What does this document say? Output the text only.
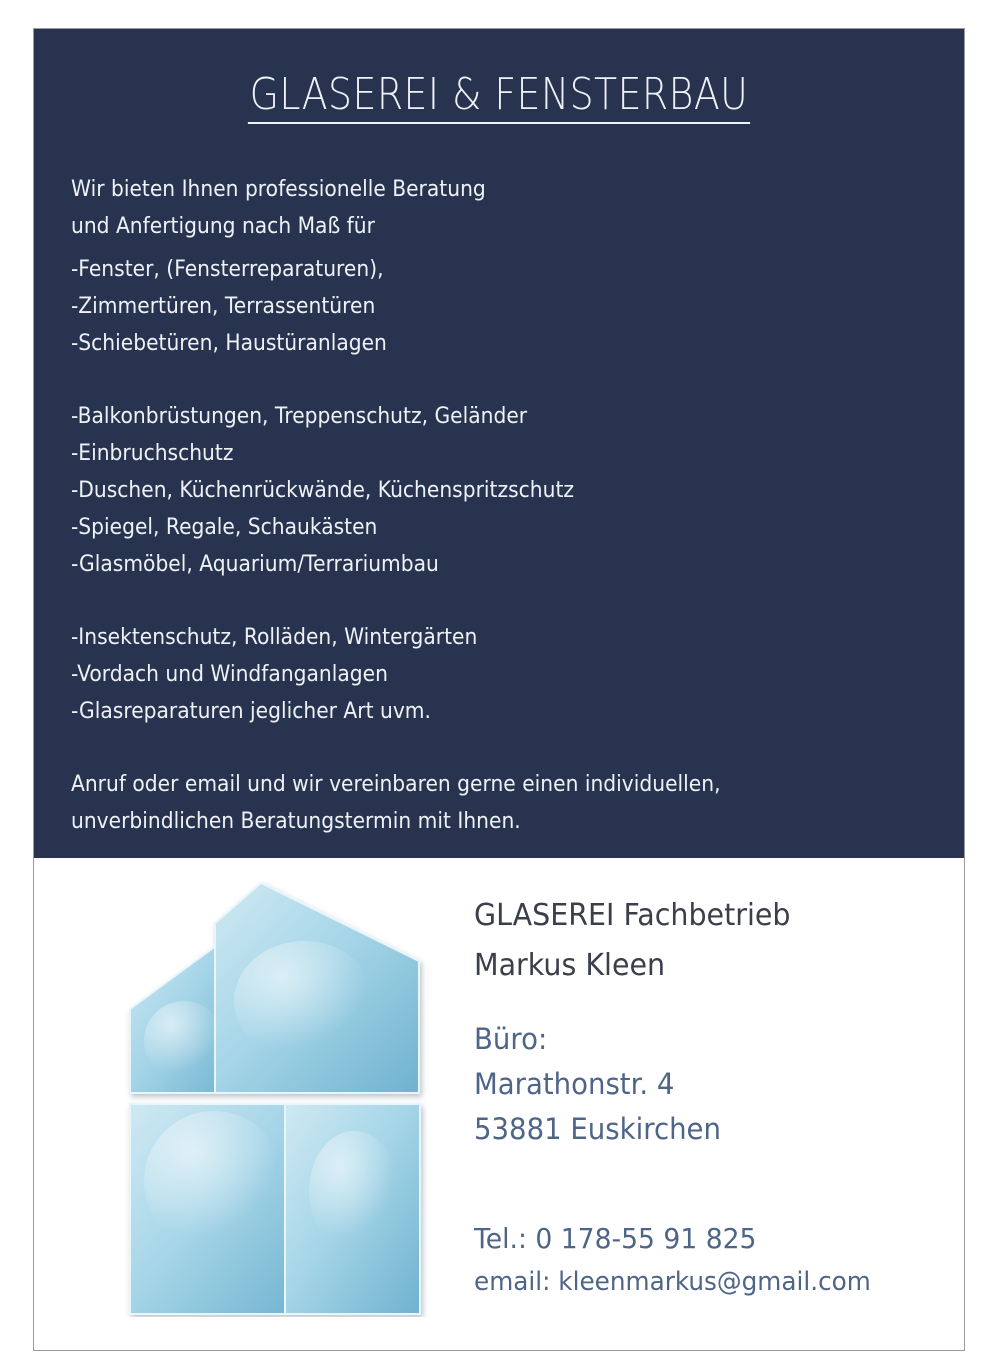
GLASEREI & FENSTERBAU
Wir bieten Ihnen professionelle Beratung
und Anfertigung nach Maß für
-Fenster, (Fensterreparaturen),
-Zimmertüren, Terrassentüren
-Schiebetüren, Haustüranlagen
-Balkonbrüstungen, Treppenschutz, Geländer
-Einbruchschutz
-Duschen, Küchenrückwände, Küchenspritzschutz
-Spiegel, Regale, Schaukästen
-Glasmöbel, Aquarium/Terrariumbau
-Insektenschutz, Rolläden, Wintergärten
-Vordach und Windfanganlagen
-Glasreparaturen jeglicher Art uvm.
Anruf oder email und wir vereinbaren gerne einen individuellen,
unverbindlichen Beratungstermin mit Ihnen.
GLASEREI Fachbetrieb
Markus Kleen
Büro:
Marathonstr. 4
53881 Euskirchen
Tel.: 0 178-55 91 825
email: kleenmarkus@gmail.com
